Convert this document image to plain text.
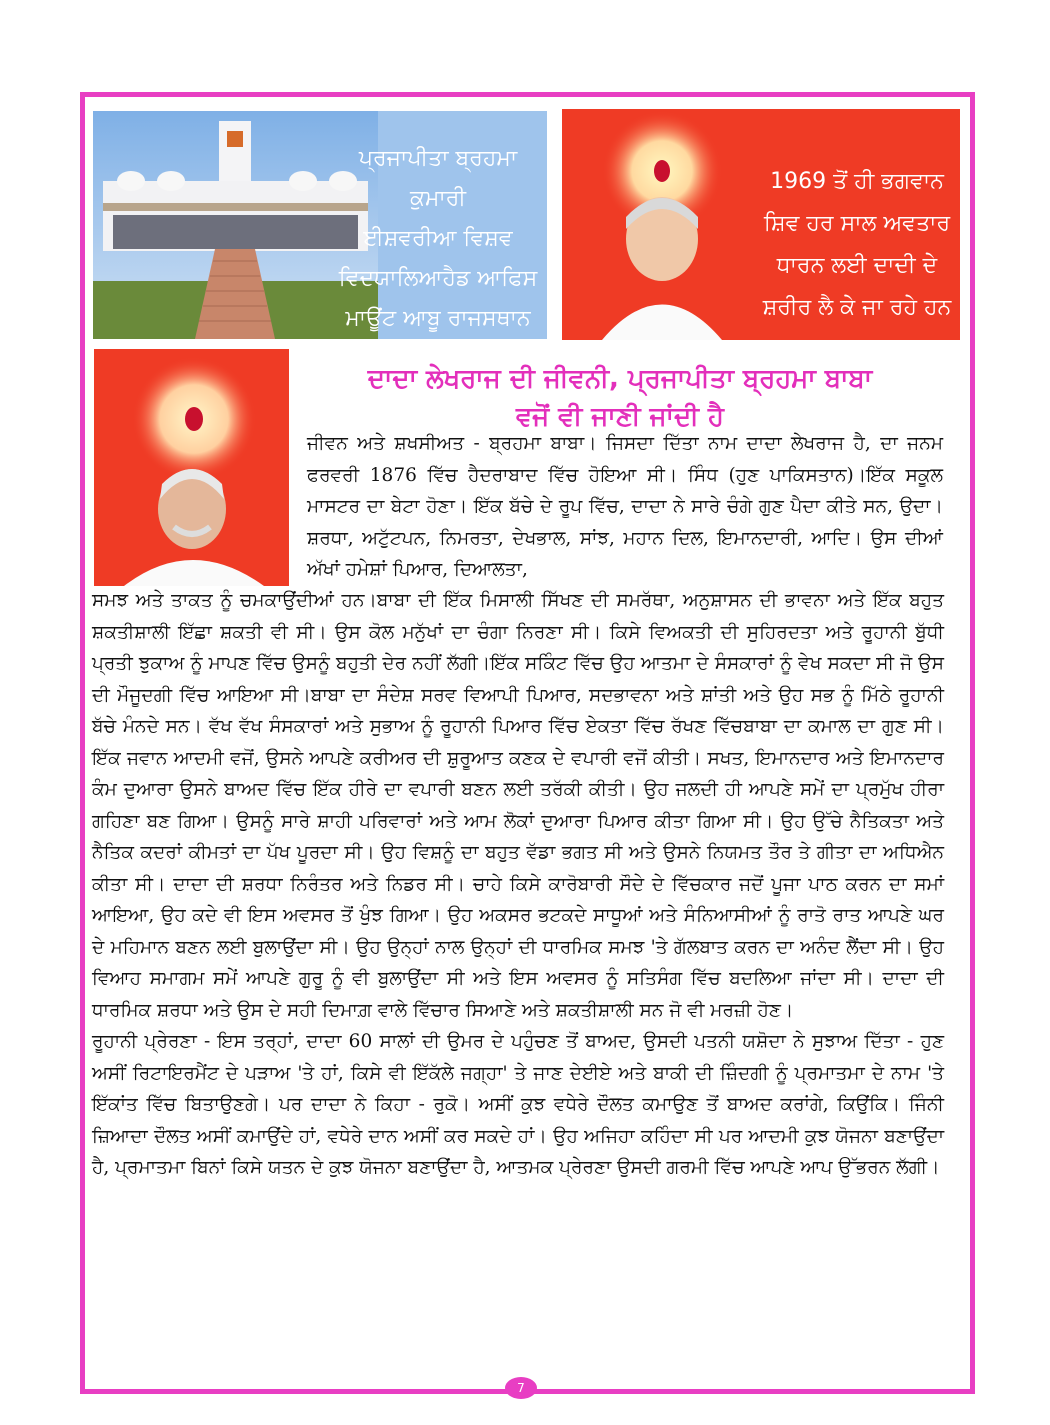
ਪ੍ਰਜਾਪੀਤਾ ਬ੍ਰਹਮਾ ਕੁਮਾਰੀ
ਈਸ਼ਵਰੀਆ ਵਿਸ਼ਵ
ਵਿਦਯਾਲਿਆਹੈਡ ਆਫਿਸ
ਮਾਊਂਟ ਆਬੂ ਰਾਜਸਥਾਨ ਭਾਰਤ
1969 ਤੋਂ ਹੀ ਭਗਵਾਨ
ਸ਼ਿਵ ਹਰ ਸਾਲ ਅਵਤਾਰ
ਧਾਰਨ ਲਈ ਦਾਦੀ ਦੇ
ਸ਼ਰੀਰ ਲੈ ਕੇ ਜਾ ਰਹੇ ਹਨ
ਦਾਦਾ ਲੇਖਰਾਜ ਦੀ ਜੀਵਨੀ, ਪ੍ਰਜਾਪੀਤਾ ਬ੍ਰਹਮਾ ਬਾਬਾ
ਵਜੋਂ ਵੀ ਜਾਣੀ ਜਾਂਦੀ ਹੈ

ਜੀਵਨ ਅਤੇ ਸ਼ਖਸੀਅਤ - ਬ੍ਰਹਮਾ ਬਾਬਾ। ਜਿਸਦਾ ਦਿੱਤਾ ਨਾਮ ਦਾਦਾ ਲੇਖਰਾਜ ਹੈ, ਦਾ ਜਨਮ ਫਰਵਰੀ 1876 ਵਿੱਚ ਹੈਦਰਾਬਾਦ ਵਿੱਚ ਹੋਇਆ ਸੀ। ਸਿੰਧ (ਹੁਣ ਪਾਕਿਸਤਾਨ)।ਇੱਕ ਸਕੂਲ ਮਾਸਟਰ ਦਾ ਬੇਟਾ ਹੋਣਾ। ਇੱਕ ਬੱਚੇ ਦੇ ਰੂਪ ਵਿੱਚ, ਦਾਦਾ ਨੇ ਸਾਰੇ ਚੰਗੇ ਗੁਣ ਪੈਦਾ ਕੀਤੇ ਸਨ, ਉਦਾ। ਸ਼ਰਧਾ, ਅਟੁੱਟਪਨ, ਨਿਮਰਤਾ, ਦੇਖਭਾਲ, ਸਾਂਝ, ਮਹਾਨ ਦਿਲ, ਇਮਾਨਦਾਰੀ, ਆਦਿ। ਉਸ ਦੀਆਂ ਅੱਖਾਂ ਹਮੇਸ਼ਾਂ ਪਿਆਰ, ਦਿਆਲਤਾ,

ਸਮਝ ਅਤੇ ਤਾਕਤ ਨੂੰ ਚਮਕਾਉਂਦੀਆਂ ਹਨ।ਬਾਬਾ ਦੀ ਇੱਕ ਮਿਸਾਲੀ ਸਿੱਖਣ ਦੀ ਸਮਰੱਥਾ, ਅਨੁਸ਼ਾਸਨ ਦੀ ਭਾਵਨਾ ਅਤੇ ਇੱਕ ਬਹੁਤ ਸ਼ਕਤੀਸ਼ਾਲੀ ਇੱਛਾ ਸ਼ਕਤੀ ਵੀ ਸੀ। ਉਸ ਕੋਲ ਮਨੁੱਖਾਂ ਦਾ ਚੰਗਾ ਨਿਰਣਾ ਸੀ। ਕਿਸੇ ਵਿਅਕਤੀ ਦੀ ਸੁਹਿਰਦਤਾ ਅਤੇ ਰੂਹਾਨੀ ਬੁੱਧੀ ਪ੍ਰਤੀ ਝੁਕਾਅ ਨੂੰ ਮਾਪਣ ਵਿੱਚ ਉਸਨੂੰ ਬਹੁਤੀ ਦੇਰ ਨਹੀਂ ਲੱਗੀ।ਇੱਕ ਸਕਿੰਟ ਵਿੱਚ ਉਹ ਆਤਮਾ ਦੇ ਸੰਸਕਾਰਾਂ ਨੂੰ ਵੇਖ ਸਕਦਾ ਸੀ ਜੋ ਉਸ ਦੀ ਮੌਜੂਦਗੀ ਵਿੱਚ ਆਇਆ ਸੀ।ਬਾਬਾ ਦਾ ਸੰਦੇਸ਼ ਸਰਵ ਵਿਆਪੀ ਪਿਆਰ, ਸਦਭਾਵਨਾ ਅਤੇ ਸ਼ਾਂਤੀ ਅਤੇ ਉਹ ਸਭ ਨੂੰ ਮਿੱਠੇ ਰੂਹਾਨੀ ਬੱਚੇ ਮੰਨਦੇ ਸਨ। ਵੱਖ ਵੱਖ ਸੰਸਕਾਰਾਂ ਅਤੇ ਸੁਭਾਅ ਨੂੰ ਰੂਹਾਨੀ ਪਿਆਰ ਵਿੱਚ ਏਕਤਾ ਵਿੱਚ ਰੱਖਣ ਵਿੱਚਬਾਬਾ ਦਾ ਕਮਾਲ ਦਾ ਗੁਣ ਸੀ।ਇੱਕ ਜਵਾਨ ਆਦਮੀ ਵਜੋਂ, ਉਸਨੇ ਆਪਣੇ ਕਰੀਅਰ ਦੀ ਸ਼ੁਰੂਆਤ ਕਣਕ ਦੇ ਵਪਾਰੀ ਵਜੋਂ ਕੀਤੀ। ਸਖਤ, ਇਮਾਨਦਾਰ ਅਤੇ ਇਮਾਨਦਾਰ ਕੰਮ ਦੁਆਰਾ ਉਸਨੇ ਬਾਅਦ ਵਿੱਚ ਇੱਕ ਹੀਰੇ ਦਾ ਵਪਾਰੀ ਬਣਨ ਲਈ ਤਰੱਕੀ ਕੀਤੀ। ਉਹ ਜਲਦੀ ਹੀ ਆਪਣੇ ਸਮੇਂ ਦਾ ਪ੍ਰਮੁੱਖ ਹੀਰਾ ਗਹਿਣਾ ਬਣ ਗਿਆ। ਉਸਨੂੰ ਸਾਰੇ ਸ਼ਾਹੀ ਪਰਿਵਾਰਾਂ ਅਤੇ ਆਮ ਲੋਕਾਂ ਦੁਆਰਾ ਪਿਆਰ ਕੀਤਾ ਗਿਆ ਸੀ। ਉਹ ਉੱਚੇ ਨੈਤਿਕਤਾ ਅਤੇ ਨੈਤਿਕ ਕਦਰਾਂ ਕੀਮਤਾਂ ਦਾ ਪੱਖ ਪੂਰਦਾ ਸੀ। ਉਹ ਵਿਸ਼ਨੂੰ ਦਾ ਬਹੁਤ ਵੱਡਾ ਭਗਤ ਸੀ ਅਤੇ ਉਸਨੇ ਨਿਯਮਤ ਤੌਰ ਤੇ ਗੀਤਾ ਦਾ ਅਧਿਐਨ ਕੀਤਾ ਸੀ। ਦਾਦਾ ਦੀ ਸ਼ਰਧਾ ਨਿਰੰਤਰ ਅਤੇ ਨਿਡਰ ਸੀ। ਚਾਹੇ ਕਿਸੇ ਕਾਰੋਬਾਰੀ ਸੌਦੇ ਦੇ ਵਿੱਚਕਾਰ ਜਦੋਂ ਪੂਜਾ ਪਾਠ ਕਰਨ ਦਾ ਸਮਾਂ ਆਇਆ, ਉਹ ਕਦੇ ਵੀ ਇਸ ਅਵਸਰ ਤੋਂ ਖੁੰਝ ਗਿਆ। ਉਹ ਅਕਸਰ ਭਟਕਦੇ ਸਾਧੂਆਂ ਅਤੇ ਸੰਨਿਆਸੀਆਂ ਨੂੰ ਰਾਤੋ ਰਾਤ ਆਪਣੇ ਘਰ ਦੇ ਮਹਿਮਾਨ ਬਣਨ ਲਈ ਬੁਲਾਉਂਦਾ ਸੀ। ਉਹ ਉਨ੍ਹਾਂ ਨਾਲ ਉਨ੍ਹਾਂ ਦੀ ਧਾਰਮਿਕ ਸਮਝ 'ਤੇ ਗੱਲਬਾਤ ਕਰਨ ਦਾ ਅਨੰਦ ਲੈਂਦਾ ਸੀ। ਉਹ ਵਿਆਹ ਸਮਾਗਮ ਸਮੇਂ ਆਪਣੇ ਗੁਰੂ ਨੂੰ ਵੀ ਬੁਲਾਉਂਦਾ ਸੀ ਅਤੇ ਇਸ ਅਵਸਰ ਨੂੰ ਸਤਿਸੰਗ ਵਿੱਚ ਬਦਲਿਆ ਜਾਂਦਾ ਸੀ। ਦਾਦਾ ਦੀ ਧਾਰਮਿਕ ਸ਼ਰਧਾ ਅਤੇ ਉਸ ਦੇ ਸਹੀ ਦਿਮਾਗ਼ ਵਾਲੇ ਵਿੱਚਾਰ ਸਿਆਣੇ ਅਤੇ ਸ਼ਕਤੀਸ਼ਾਲੀ ਸਨ ਜੋ ਵੀ ਮਰਜ਼ੀ ਹੋਣ।

ਰੂਹਾਨੀ ਪ੍ਰੇਰਣਾ - ਇਸ ਤਰ੍ਹਾਂ, ਦਾਦਾ 60 ਸਾਲਾਂ ਦੀ ਉਮਰ ਦੇ ਪਹੁੰਚਣ ਤੋਂ ਬਾਅਦ, ਉਸਦੀ ਪਤਨੀ ਯਸ਼ੋਦਾ ਨੇ ਸੁਝਾਅ ਦਿੱਤਾ - ਹੁਣ ਅਸੀਂ ਰਿਟਾਇਰਮੈਂਟ ਦੇ ਪੜਾਅ 'ਤੇ ਹਾਂ, ਕਿਸੇ ਵੀ ਇੱਕੱਲੇ ਜਗ੍ਹਾ' ਤੇ ਜਾਣ ਦੇਈਏ ਅਤੇ ਬਾਕੀ ਦੀ ਜ਼ਿੰਦਗੀ ਨੂੰ ਪ੍ਰਮਾਤਮਾ ਦੇ ਨਾਮ 'ਤੇ ਇੱਕਾਂਤ ਵਿੱਚ ਬਿਤਾਉਣਗੇ। ਪਰ ਦਾਦਾ ਨੇ ਕਿਹਾ - ਰੁਕੋ। ਅਸੀਂ ਕੁਝ ਵਧੇਰੇ ਦੌਲਤ ਕਮਾਉਣ ਤੋਂ ਬਾਅਦ ਕਰਾਂਗੇ, ਕਿਉਂਕਿ। ਜਿੰਨੀ ਜ਼ਿਆਦਾ ਦੌਲਤ ਅਸੀਂ ਕਮਾਉਂਦੇ ਹਾਂ, ਵਧੇਰੇ ਦਾਨ ਅਸੀਂ ਕਰ ਸਕਦੇ ਹਾਂ। ਉਹ ਅਜਿਹਾ ਕਹਿੰਦਾ ਸੀ ਪਰ ਆਦਮੀ ਕੁਝ ਯੋਜਨਾ ਬਣਾਉਂਦਾ ਹੈ, ਪ੍ਰਮਾਤਮਾ ਬਿਨਾਂ ਕਿਸੇ ਯਤਨ ਦੇ ਕੁਝ ਯੋਜਨਾ ਬਣਾਉਂਦਾ ਹੈ, ਆਤਮਕ ਪ੍ਰੇਰਣਾ ਉਸਦੀ ਗਰਮੀ ਵਿੱਚ ਆਪਣੇ ਆਪ ਉੱਭਰਨ ਲੱਗੀ।

7
